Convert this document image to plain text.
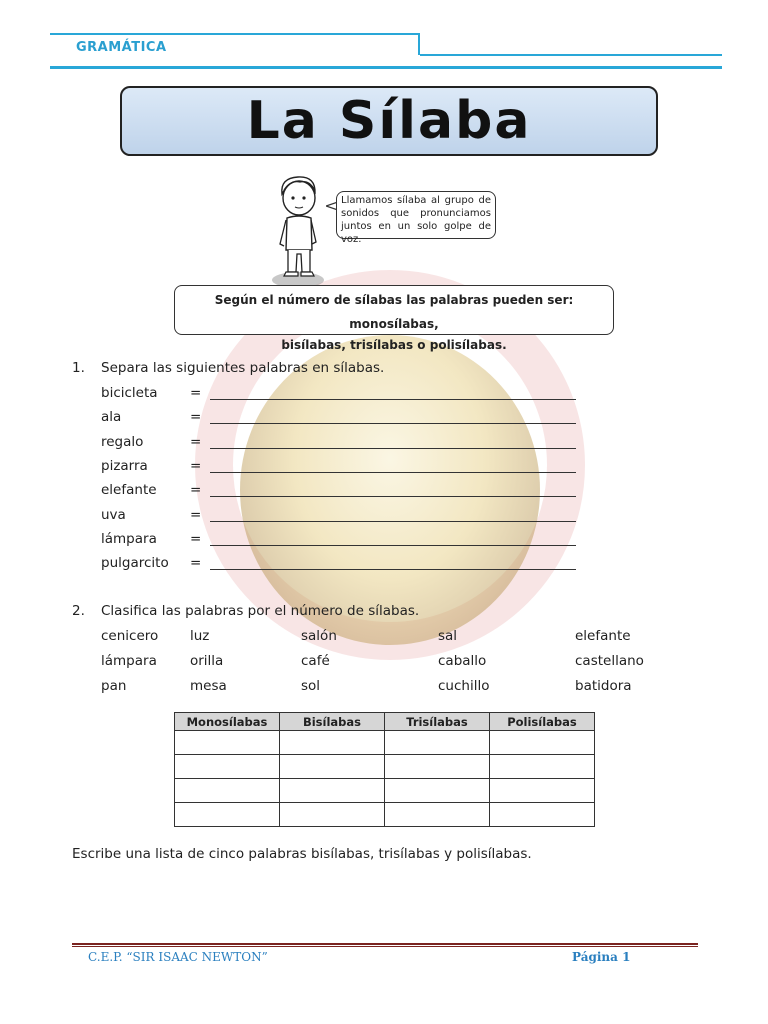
GRAMÁTICA
La Sílaba
Llamamos sílaba al grupo de sonidos que pronunciamos juntos en un solo golpe de voz.
Según el número de sílabas las palabras pueden ser: monosílabas,
bisílabas, trisílabas o polisílabas.
1. Separa las siguientes palabras en sílabas.
bicicleta =
ala	=
regalo	=
pizarra	=
elefante =
uva	=
lámpara =
pulgarcito =
2. Clasifica las palabras por el número de sílabas.
cenicero luz	salón	sal	elefante
lámpara orilla	café	caballo	castellano
pan	mesa	sol	cuchillo	batidora
Monosílabas	Bisílabas	Trisílabas	Polisílabas

Escribe una lista de cinco palabras bisílabas, trisílabas y polisílabas.
C.E.P. “SIR ISAAC NEWTON”	Página 1
